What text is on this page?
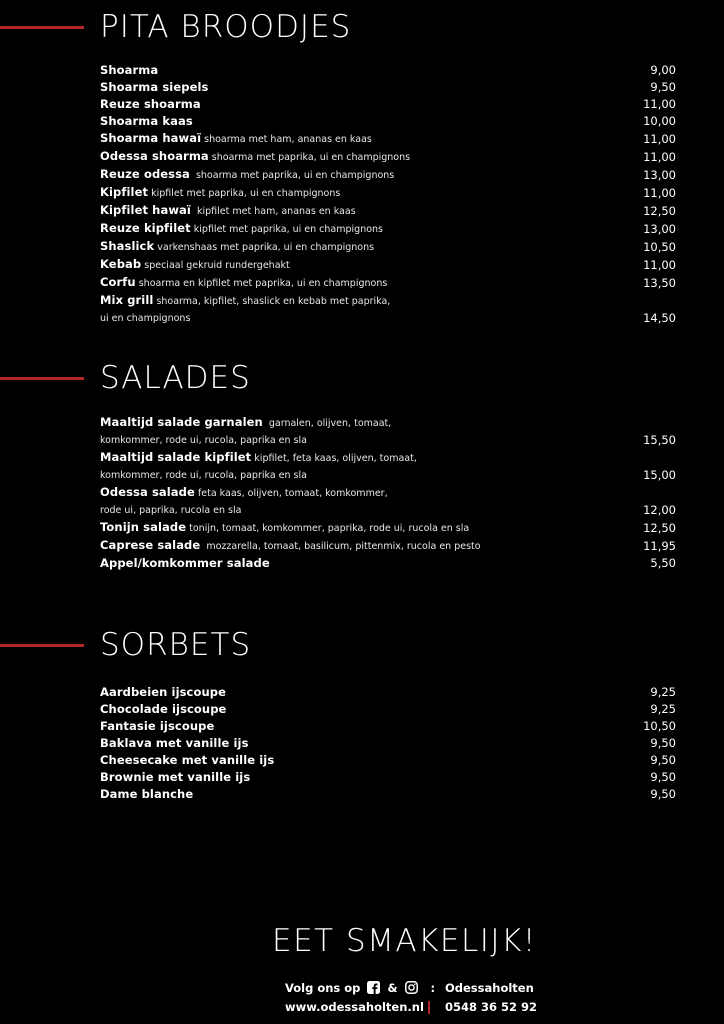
PITA BROODJES
Shoarma	9,00
Shoarma siepels	9,50
Reuze shoarma	11,00
Shoarma kaas	10,00
Shoarma hawaï shoarma met ham, ananas en kaas	11,00
Odessa shoarma shoarma met paprika, ui en champignons	11,00
Reuze odessa  shoarma met paprika, ui en champignons	13,00
Kipfilet kipfilet met paprika, ui en champignons	11,00
Kipfilet hawaï  kipfilet met ham, ananas en kaas	12,50
Reuze kipfilet kipfilet met paprika, ui en champignons	13,00
Shaslick varkenshaas met paprika, ui en champignons	10,50
Kebab speciaal gekruid rundergehakt	11,00
Corfu shoarma en kipfilet met paprika, ui en champignons	13,50
Mix grill shoarma, kipfilet, shaslick en kebab met paprika,
ui en champignons	14,50
SALADES
Maaltijd salade garnalen  garnalen, olijven, tomaat,
komkommer, rode ui, rucola, paprika en sla	15,50
Maaltijd salade kipfilet kipfilet, feta kaas, olijven, tomaat,
komkommer, rode ui, rucola, paprika en sla	15,00
Odessa salade feta kaas, olijven, tomaat, komkommer,
rode ui, paprika, rucola en sla	12,00
Tonijn salade tonijn, tomaat, komkommer, paprika, rode ui, rucola en sla	12,50
Caprese salade  mozzarella, tomaat, basilicum, pittenmix, rucola en pesto	11,95
Appel/komkommer salade	5,50
SORBETS
Aardbeien ijscoupe	9,25
Chocolade ijscoupe	9,25
Fantasie ijscoupe	10,50
Baklava met vanille ijs	9,50
Cheesecake met vanille ijs	9,50
Brownie met vanille ijs	9,50
Dame blanche	9,50
EET SMAKELIJK!
Volg ons op &	: Odessaholten
www.odessaholten.nl 0548 36 52 92
